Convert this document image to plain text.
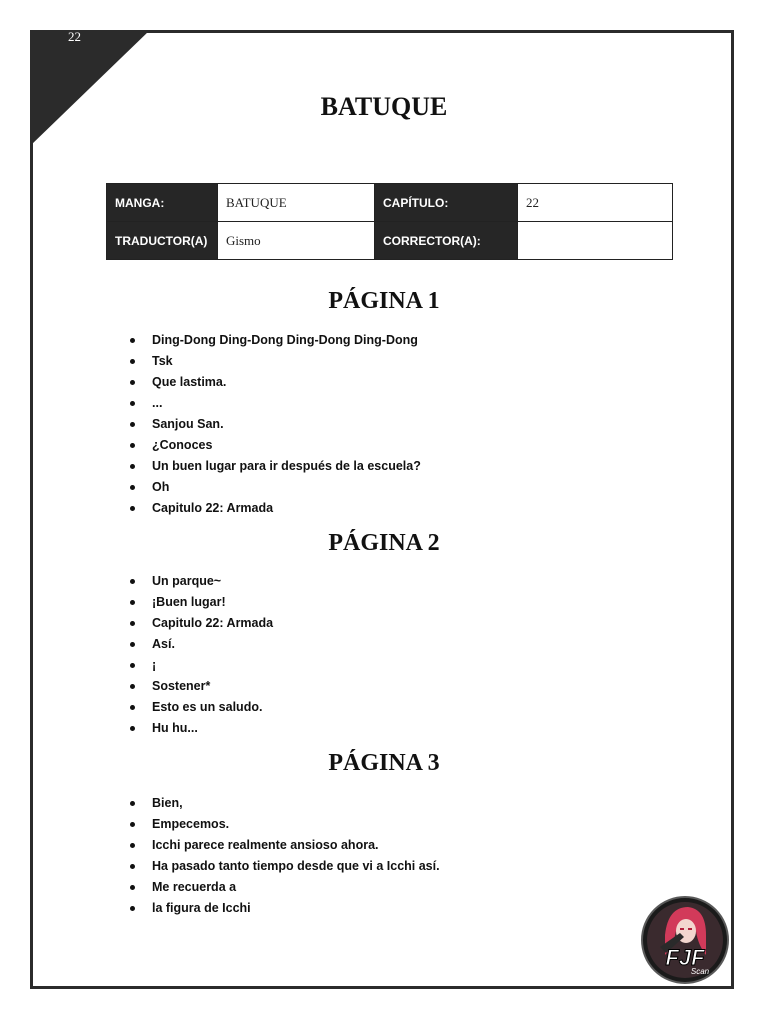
22
BATUQUE
MANGA:	BATUQUE	CAPÍTULO:	22
TRADUCTOR(A)	Gismo	CORRECTOR(A):	
PÁGINA 1
Ding-Dong Ding-Dong Ding-Dong Ding-Dong
Tsk
Que lastima.
...
Sanjou San.
¿Conoces
Un buen lugar para ir después de la escuela?
Oh
Capitulo 22: Armada
PÁGINA 2
Un parque~
¡Buen lugar!
Capitulo 22: Armada
Así.
¡
Sostener*
Esto es un saludo.
Hu hu...
PÁGINA 3
Bien,
Empecemos.
Icchi parece realmente ansioso ahora.
Ha pasado tanto tiempo desde que vi a Icchi así.
Me recuerda a
la figura de Icchi
FJF
Scan
